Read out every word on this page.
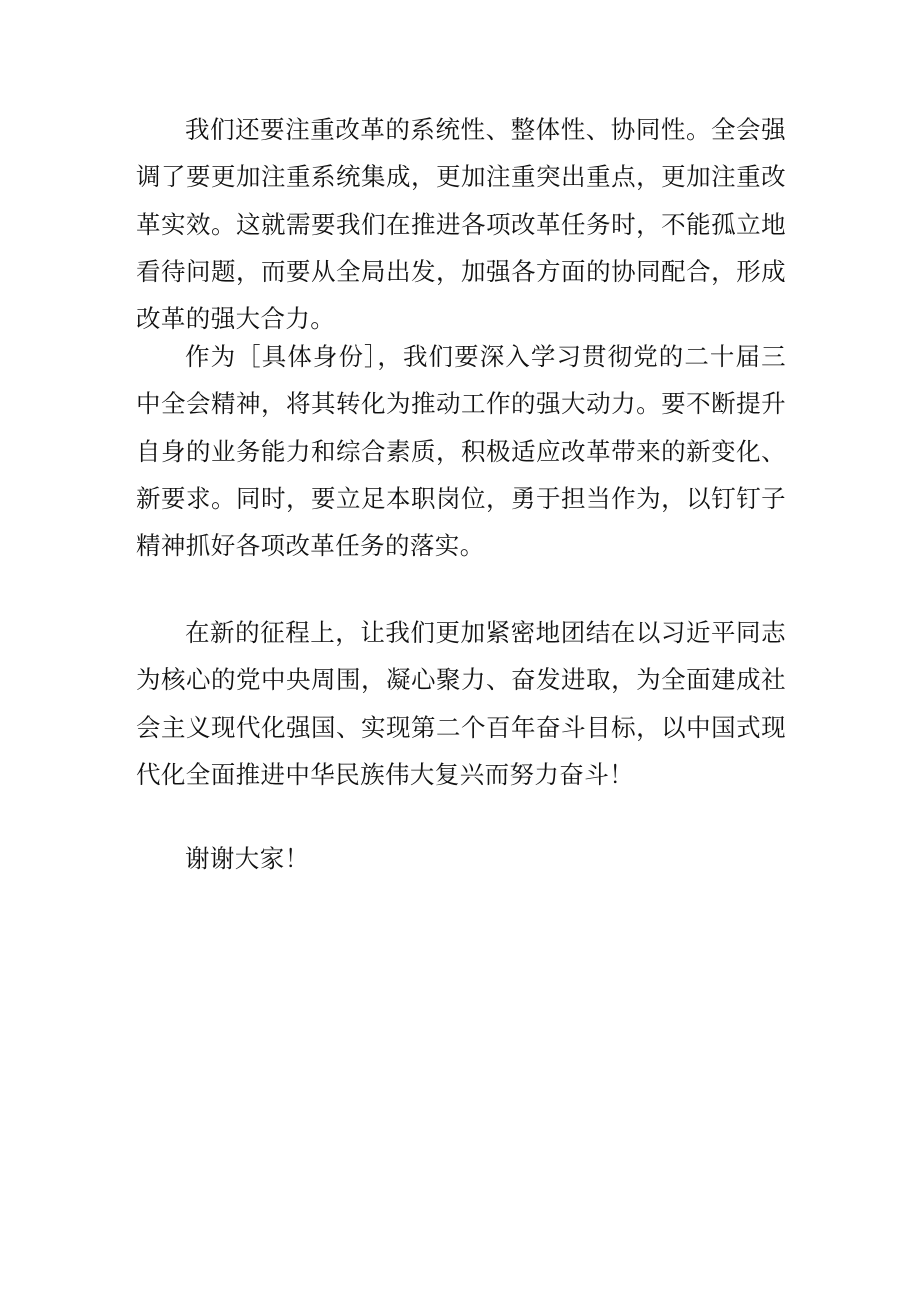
我们还要注重改革的系统性、整体性、协同性。全会强调了要更加注重系统集成，更加注重突出重点，更加注重改革实效。这就需要我们在推进各项改革任务时，不能孤立地看待问题，而要从全局出发，加强各方面的协同配合，形成改革的强大合力。

作为［具体身份］，我们要深入学习贯彻党的二十届三中全会精神，将其转化为推动工作的强大动力。要不断提升自身的业务能力和综合素质，积极适应改革带来的新变化、新要求。同时，要立足本职岗位，勇于担当作为，以钉钉子精神抓好各项改革任务的落实。

在新的征程上，让我们更加紧密地团结在以习近平同志为核心的党中央周围，凝心聚力、奋发进取，为全面建成社会主义现代化强国、实现第二个百年奋斗目标，以中国式现代化全面推进中华民族伟大复兴而努力奋斗！

谢谢大家！
